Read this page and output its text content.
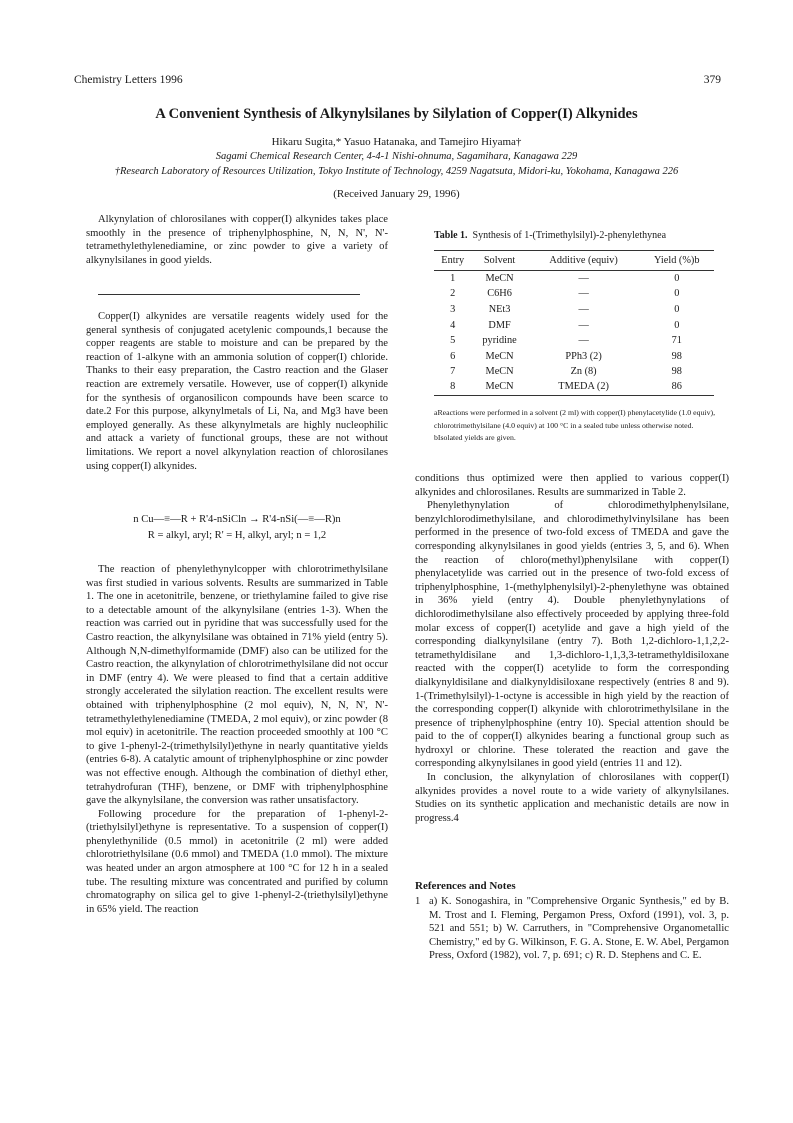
Chemistry Letters 1996	379
A Convenient Synthesis of Alkynylsilanes by Silylation of Copper(I) Alkynides
Hikaru Sugita,* Yasuo Hatanaka, and Tamejiro Hiyama†
Sagami Chemical Research Center, 4-4-1 Nishi-ohnuma, Sagamihara, Kanagawa 229
†Research Laboratory of Resources Utilization, Tokyo Institute of Technology, 4259 Nagatsuta, Midori-ku, Yokohama, Kanagawa 226
(Received January 29, 1996)
Alkynylation of chlorosilanes with copper(I) alkynides takes place smoothly in the presence of triphenylphosphine, N, N, N', N'-tetramethylethylenediamine, or zinc powder to give a variety of alkynylsilanes in good yields.
Copper(I) alkynides are versatile reagents widely used for the general synthesis of conjugated acetylenic compounds,1 because the copper reagents are stable to moisture and can be prepared by the reaction of 1-alkyne with an ammonia solution of copper(I) chloride. Thanks to their easy preparation, the Castro reaction and the Glaser reaction are extremely versatile. However, use of copper(I) alkynide for the synthesis of organosilicon compounds have been scarce to date.2 For this purpose, alkynylmetals of Li, Na, and Mg3 have been employed generally. As these alkynylmetals are highly nucleophilic and attack a variety of functional groups, these are not without limitations. We report a novel alkynylation reaction of chlorosilanes using copper(I) alkynides.
n Cu—≡—R + R'4-nSiCln → R'4-nSi(—≡—R)n
R = alkyl, aryl; R' = H, alkyl, aryl; n = 1,2

The reaction of phenylethynylcopper with chlorotrimethylsilane was first studied in various solvents. Results are summarized in Table 1. The one in acetonitrile, benzene, or triethylamine failed to give rise to a detectable amount of the alkynylsilane (entries 1-3). When the reaction was carried out in pyridine that was successfully used for the Castro reaction, the alkynylsilane was obtained in 71% yield (entry 5). Although N,N-dimethylformamide (DMF) also can be utilized for the Castro reaction, the alkynylation of chlorotrimethylsilane did not occur in DMF (entry 4). We were pleased to find that a certain additive strongly accelerated the silylation reaction. The excellent results were obtained with triphenylphosphine (2 mol equiv), N, N, N', N'-tetramethylethylenediamine (TMEDA, 2 mol equiv), or zinc powder (8 mol equiv) in acetonitrile. The reaction proceeded smoothly at 100 °C to give 1-phenyl-2-(trimethylsilyl)ethyne in nearly quantitative yields (entries 6-8). A catalytic amount of triphenylphosphine or zinc powder was not effective enough. Although the combination of diethyl ether, tetrahydrofuran (THF), benzene, or DMF with triphenylphosphine gave the alkynylsilane, the conversion was rather unsatisfactory.

Following procedure for the preparation of 1-phenyl-2-(triethylsilyl)ethyne is representative. To a suspension of copper(I) phenylethynilide (0.5 mmol) in acetonitrile (2 ml) were added chlorotriethylsilane (0.6 mmol) and TMEDA (1.0 mmol). The mixture was heated under an argon atmosphere at 100 °C for 12 h in a sealed tube. The resulting mixture was concentrated and purified by column chromatography on silica gel to give 1-phenyl-2-(triethylsilyl)ethyne in 65% yield. The reaction

Table 1. Synthesis of 1-(Trimethylsilyl)-2-phenylethynea
Entry	Solvent	Additive (equiv)	Yield (%)b
1	MeCN	—	0
2	C6H6	—	0
3	NEt3	—	0
4	DMF	—	0
5	pyridine	—	71
6	MeCN	PPh3 (2)	98
7	MeCN	Zn (8)	98
8	MeCN	TMEDA (2)	86
aReactions were performed in a solvent (2 ml) with copper(I) phenylacetylide (1.0 equiv), chlorotrimethylsilane (4.0 equiv) at 100 °C in a sealed tube unless otherwise noted. bIsolated yields are given.

conditions thus optimized were then applied to various copper(I) alkynides and chlorosilanes. Results are summarized in Table 2.

Phenylethynylation of chlorodimethylphenylsilane, benzylchlorodimethylsilane, and chlorodimethylvinylsilane has been performed in the presence of two-fold excess of TMEDA and gave the corresponding alkynylsilanes in good yields (entries 3, 5, and 6). When the reaction of chloro(methyl)phenylsilane with copper(I) phenylacetylide was carried out in the presence of two-fold excess of triphenylphosphine, 1-(methylphenylsilyl)-2-phenylethyne was obtained in 36% yield (entry 4). Double phenylethynylations of dichlorodimethylsilane also effectively proceeded by applying three-fold molar excess of copper(I) acetylide and gave a high yield of the corresponding dialkynylsilane (entry 7). Both 1,2-dichloro-1,1,2,2-tetramethyldisilane and 1,3-dichloro-1,1,3,3-tetramethyldisiloxane reacted with the copper(I) acetylide to form the corresponding dialkynyldisilane and dialkynyldisiloxane respectively (entries 8 and 9). 1-(Trimethylsilyl)-1-octyne is accessible in high yield by the reaction of the corresponding copper(I) alkynide with chlorotrimethylsilane in the presence of triphenylphosphine (entry 10). Special attention should be paid to the of copper(I) alkynides bearing a functional group such as hydroxyl or chlorine. These tolerated the reaction and gave the corresponding alkynylsilanes in good yield (entries 11 and 12).

In conclusion, the alkynylation of chlorosilanes with copper(I) alkynides provides a novel route to a wide variety of alkynylsilanes. Studies on its synthetic application and mechanistic details are now in progress.4

References and Notes
1 a) K. Sonogashira, in "Comprehensive Organic Synthesis," ed by B. M. Trost and I. Fleming, Pergamon Press, Oxford (1991), vol. 3, p. 521 and 551; b) W. Carruthers, in "Comprehensive Organometallic Chemistry," ed by G. Wilkinson, F. G. A. Stone, E. W. Abel, Pergamon Press, Oxford (1982), vol. 7, p. 691; c) R. D. Stephens and C. E.
